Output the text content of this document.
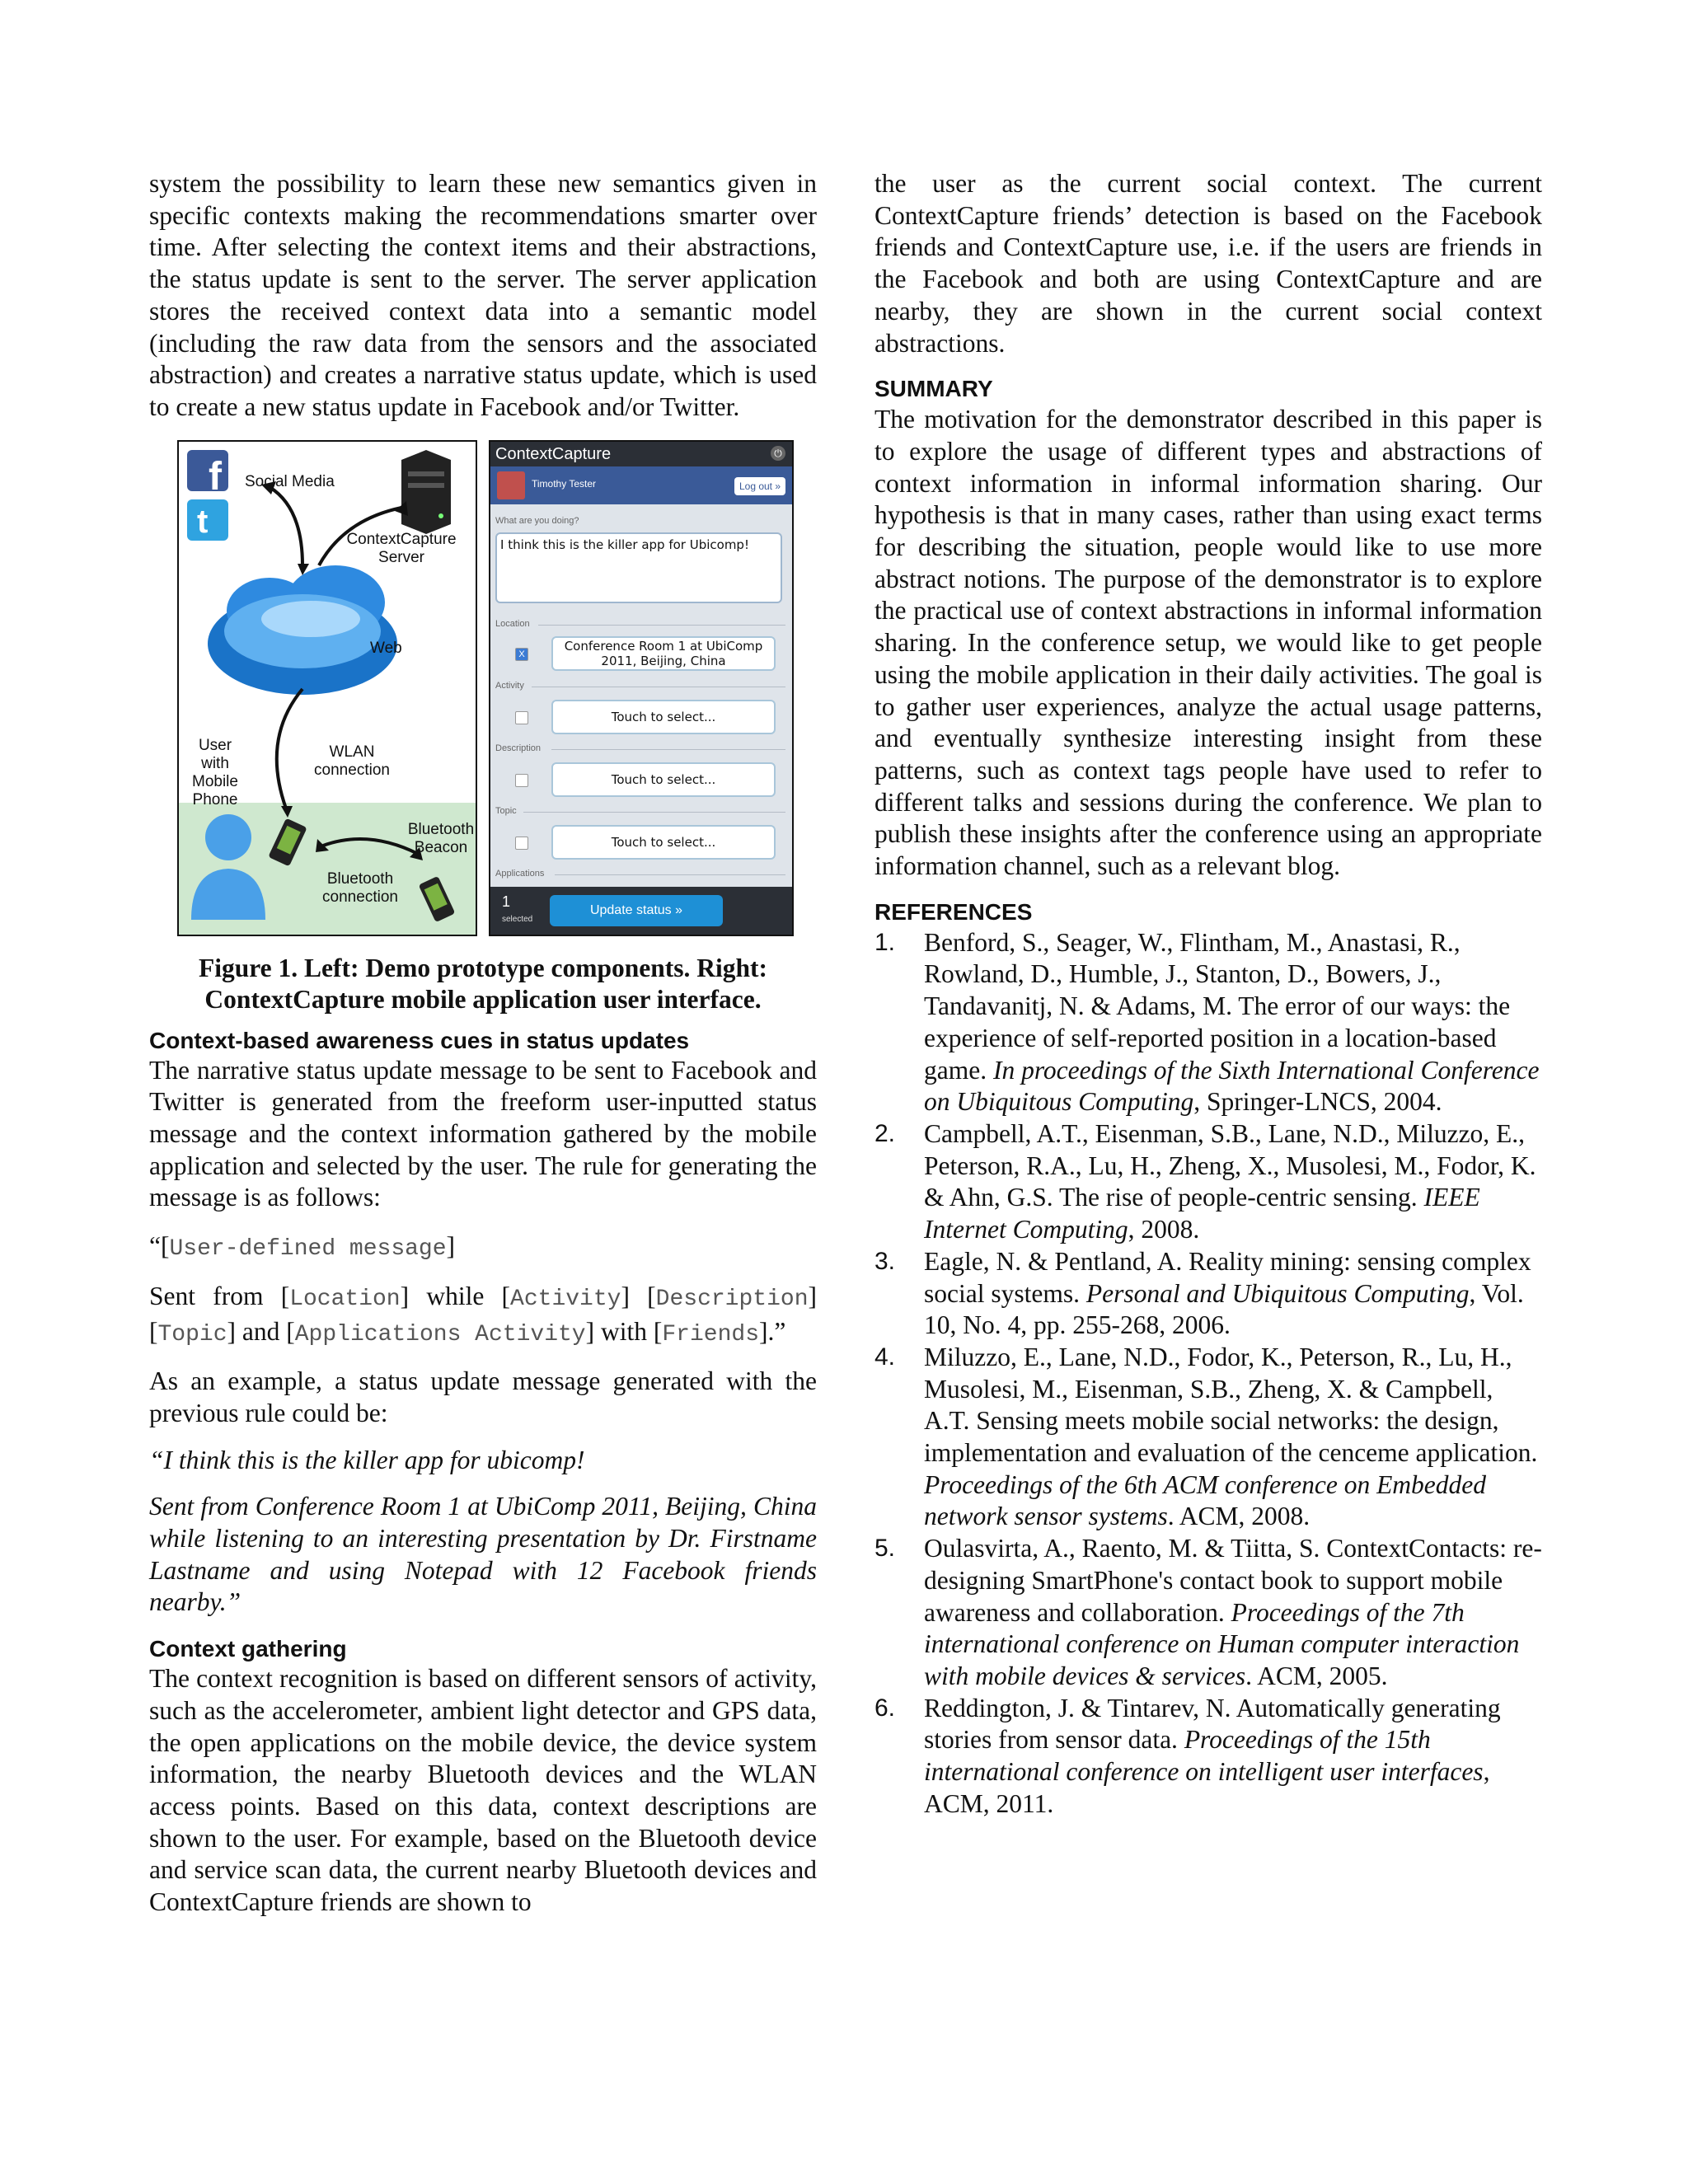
system the possibility to learn these new semantics given in specific contexts making the recommendations smarter over time. After selecting the context items and their abstractions, the status update is sent to the server. The server application stores the received context data into a semantic model (including the raw data from the sensors and the associated abstraction) and creates a narrative status update, which is used to create a new status update in Facebook and/or Twitter.

f
t
Social Media
ContextCapture
Server
Web
User
with
Mobile
Phone
WLAN
connection
Bluetooth
Beacon
Bluetooth
connection
ContextCapture	⏻
Timothy Tester	Log out »
What are you doing?
I think this is the killer app for Ubicomp!
Location
X
Conference Room 1 at UbiComp 2011, Beijing, China
Activity
Touch to select...
Description
Touch to select...
Topic
Touch to select...
Applications
1
selected
Update status »

Figure 1. Left: Demo prototype components. Right: ContextCapture mobile application user interface.

Context-based awareness cues in status updates

The narrative status update message to be sent to Facebook and Twitter is generated from the freeform user-inputted status message and the context information gathered by the mobile application and selected by the user. The rule for generating the message is as follows:

“[User-defined message]

Sent from [Location] while [Activity] [Description] [Topic] and [Applications Activity] with [Friends].”

As an example, a status update message generated with the previous rule could be:

“I think this is the killer app for ubicomp!

Sent from Conference Room 1 at UbiComp 2011, Beijing, China while listening to an interesting presentation by Dr. Firstname Lastname and using Notepad with 12 Facebook friends nearby.”

Context gathering

The context recognition is based on different sensors of activity, such as the accelerometer, ambient light detector and GPS data, the open applications on the mobile device, the device system information, the nearby Bluetooth devices and the WLAN access points. Based on this data, context descriptions are shown to the user. For example, based on the Bluetooth device and service scan data, the current nearby Bluetooth devices and ContextCapture friends are shown to

the user as the current social context. The current ContextCapture friends’ detection is based on the Facebook friends and ContextCapture use, i.e. if the users are friends in the Facebook and both are using ContextCapture and are nearby, they are shown in the current social context abstractions.

SUMMARY

The motivation for the demonstrator described in this paper is to explore the usage of different types and abstractions of context information in informal information sharing. Our hypothesis is that in many cases, rather than using exact terms for describing the situation, people would like to use more abstract notions. The purpose of the demonstrator is to explore the practical use of context abstractions in informal information sharing. In the conference setup, we would like to get people using the mobile application in their daily activities. The goal is to gather user experiences, analyze the actual usage patterns, and eventually synthesize interesting insight from these patterns, such as context tags people have used to refer to different talks and sessions during the conference. We plan to publish these insights after the conference using an appropriate information channel, such as a relevant blog.

REFERENCES
1. Benford, S., Seager, W., Flintham, M., Anastasi, R., Rowland, D., Humble, J., Stanton, D., Bowers, J., Tandavanitj, N. & Adams, M. The error of our ways: the experience of self-reported position in a location-based game. In proceedings of the Sixth International Conference on Ubiquitous Computing, Springer-LNCS, 2004.
2. Campbell, A.T., Eisenman, S.B., Lane, N.D., Miluzzo, E., Peterson, R.A., Lu, H., Zheng, X., Musolesi, M., Fodor, K. & Ahn, G.S. The rise of people-centric sensing. IEEE Internet Computing, 2008.
3. Eagle, N. & Pentland, A. Reality mining: sensing complex social systems. Personal and Ubiquitous Computing, Vol. 10, No. 4, pp. 255-268, 2006.
4. Miluzzo, E., Lane, N.D., Fodor, K., Peterson, R., Lu, H., Musolesi, M., Eisenman, S.B., Zheng, X. & Campbell, A.T. Sensing meets mobile social networks: the design, implementation and evaluation of the cenceme application. Proceedings of the 6th ACM conference on Embedded network sensor systems. ACM, 2008.
5. Oulasvirta, A., Raento, M. & Tiitta, S. ContextContacts: re-designing SmartPhone's contact book to support mobile awareness and collaboration. Proceedings of the 7th international conference on Human computer interaction with mobile devices & services. ACM, 2005.
6. Reddington, J. & Tintarev, N. Automatically generating stories from sensor data. Proceedings of the 15th international conference on intelligent user interfaces, ACM, 2011.
